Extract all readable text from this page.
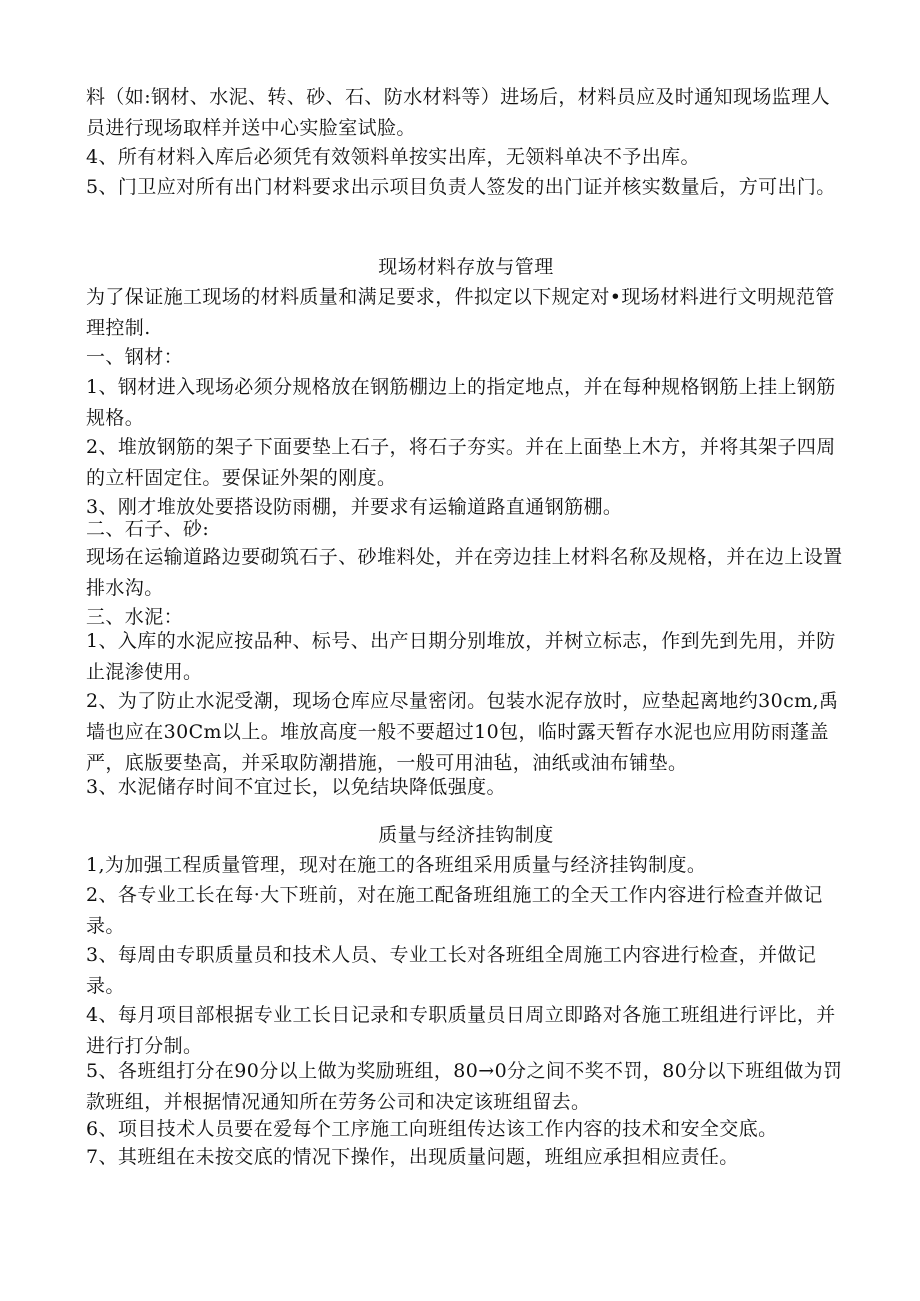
料（如:钢材、水泥、转、砂、石、防水材料等）进场后，材料员应及时通知现场监理人员进行现场取样并送中心实脸室试脸。
4、所有材料入库后必须凭有效领料单按实出库，无领料单决不予出库。
5、门卫应对所有出门材料要求出示项目负责人签发的出门证并核实数量后，方可出门。
现场材料存放与管理
为了保证施工现场的材料质量和满足要求，件拟定以下规定对•现场材料进行文明规范管理控制.
一、钢材：
1、钢材进入现场必须分规格放在钢筋棚边上的指定地点，并在每种规格钢筋上挂上钢筋规格。
2、堆放钢筋的架子下面要垫上石子，将石子夯实。并在上面垫上木方，并将其架子四周的立杆固定住。要保证外架的刚度。
3、刚才堆放处要搭设防雨棚，并要求有运输道路直通钢筋棚。
二、石子、砂:
现场在运输道路边要砌筑石子、砂堆料处，并在旁边挂上材料名称及规格，并在边上设置排水沟。
三、水泥：
1、入库的水泥应按品种、标号、出产日期分别堆放，并树立标志，作到先到先用，并防止混渗使用。
2、为了防止水泥受潮，现场仓库应尽量密闭。包装水泥存放时，应垫起离地约30cm,禹墙也应在30Cm以上。堆放高度一般不要超过10包，临时露天暂存水泥也应用防雨蓬盖严，底版要垫高，并采取防潮措施，一般可用油毡，油纸或油布铺垫。
3、水泥储存时间不宜过长，以免结块降低强度。
质量与经济挂钩制度
1,为加强工程质量管理，现对在施工的各班组采用质量与经济挂钩制度。
2、各专业工长在每·大下班前，对在施工配备班组施工的全天工作内容进行检查并做记录。
3、每周由专职质量员和技术人员、专业工长对各班组全周施工内容进行检查，并做记录。
4、每月项目部根据专业工长日记录和专职质量员日周立即路对各施工班组进行评比，并进行打分制。
5、各班组打分在90分以上做为奖励班组，80→0分之间不奖不罚，80分以下班组做为罚款班组，并根据情况通知所在劳务公司和决定该班组留去。
6、项目技术人员要在爱每个工序施工向班组传达该工作内容的技术和安全交底。
7、其班组在未按交底的情况下操作，出现质量问题，班组应承担相应责任。
